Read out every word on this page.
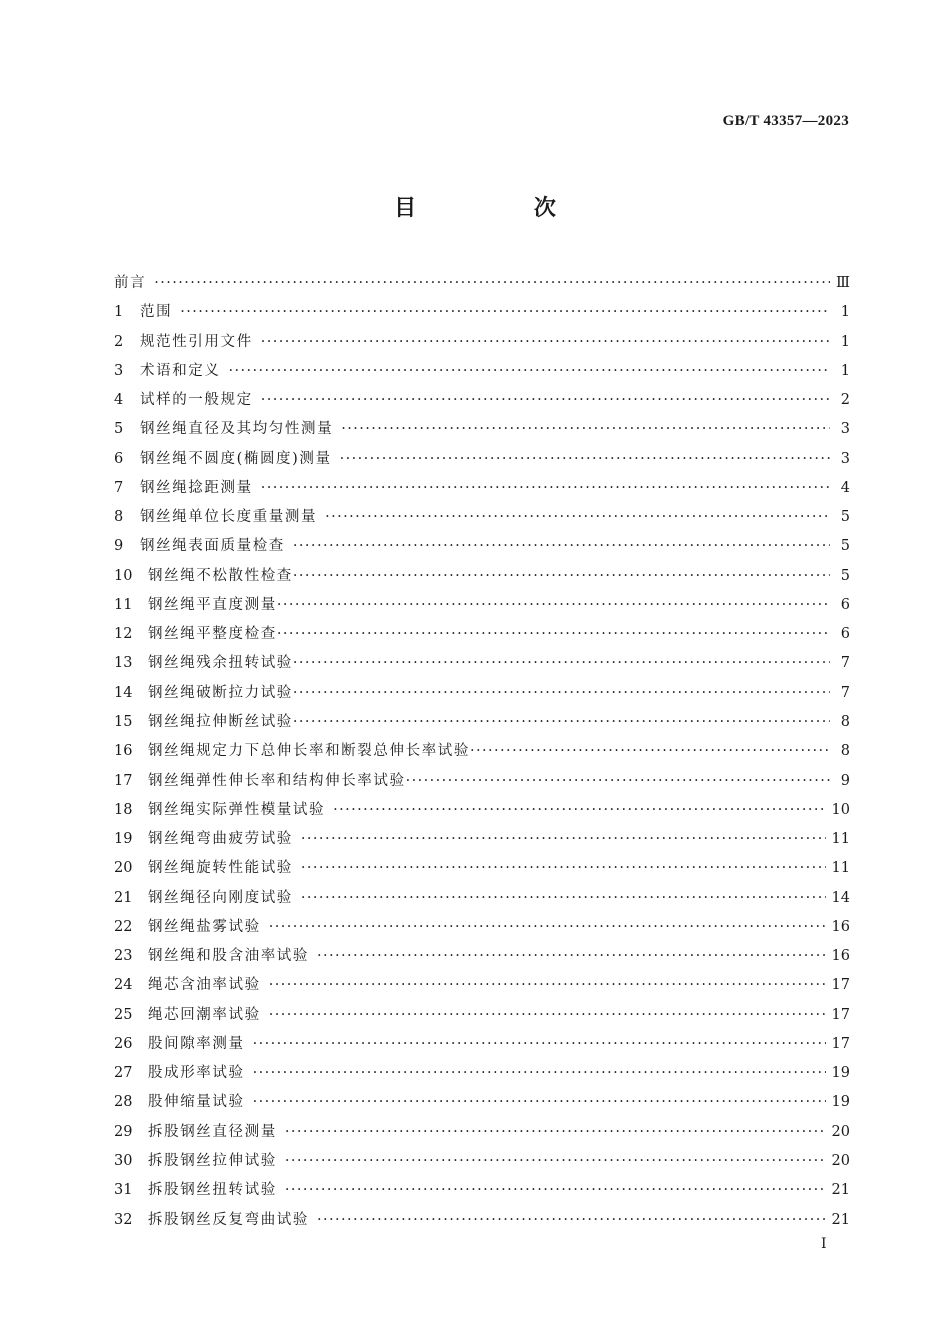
GB/T 43357—2023
目 次
前言 ·····	Ⅲ
1	范围 ·····	1
2	规范性引用文件 ·····	1
3	术语和定义 ·····	1
4	试样的一般规定 ·····	2
5	钢丝绳直径及其均匀性测量 ·····	3
6	钢丝绳不圆度(椭圆度)测量 ·····	3
7	钢丝绳捻距测量 ·····	4
8	钢丝绳单位长度重量测量 ·····	5
9	钢丝绳表面质量检查 ·····	5
10	钢丝绳不松散性检查 ·····	5
11	钢丝绳平直度测量 ·····	6
12	钢丝绳平整度检查 ·····	6
13	钢丝绳残余扭转试验 ·····	7
14	钢丝绳破断拉力试验 ·····	7
15	钢丝绳拉伸断丝试验 ·····	8
16	钢丝绳规定力下总伸长率和断裂总伸长率试验 ·····	8
17	钢丝绳弹性伸长率和结构伸长率试验 ·····	9
18	钢丝绳实际弹性模量试验 ·····	10
19	钢丝绳弯曲疲劳试验 ·····	11
20	钢丝绳旋转性能试验 ·····	11
21	钢丝绳径向刚度试验 ·····	14
22	钢丝绳盐雾试验 ·····	16
23	钢丝绳和股含油率试验 ·····	16
24	绳芯含油率试验 ·····	17
25	绳芯回潮率试验 ·····	17
26	股间隙率测量 ·····	17
27	股成形率试验 ·····	19
28	股伸缩量试验 ·····	19
29	拆股钢丝直径测量 ·····	20
30	拆股钢丝拉伸试验 ·····	20
31	拆股钢丝扭转试验 ·····	21
32	拆股钢丝反复弯曲试验 ·····	21
I
